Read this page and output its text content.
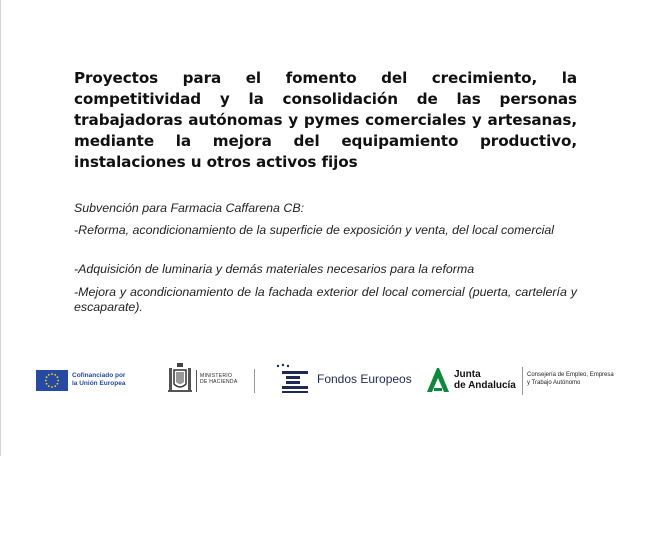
Proyectos para el fomento del crecimiento, la competitividad y la consolidación de las personas trabajadoras autónomas y pymes comerciales y artesanas, mediante la mejora del equipamiento productivo, instalaciones u otros activos fijos

Subvención para Farmacia Caffarena CB:

-Reforma, acondicionamiento de la superficie de exposición y venta, del local comercial

-Adquisición de luminaria y demás materiales necesarios para la reforma

-Mejora y acondicionamiento de la fachada exterior del local comercial (puerta, cartelería y escaparate).

Cofinanciado por
la Unión Europea
MINISTERIO
DE HACIENDA	Fondos Europeos	Junta
de Andalucía
Consejería de Empleo, Empresa
y Trabajo Autónomo
